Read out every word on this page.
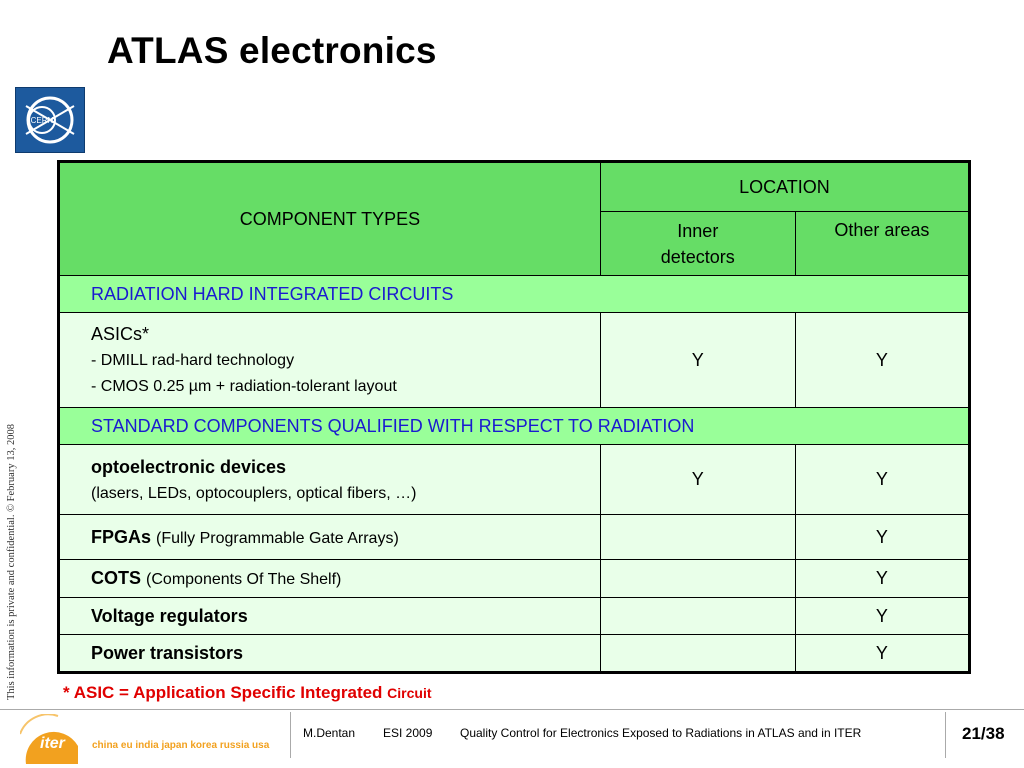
ATLAS electronics
CERN
This information is private and confidential. © February 13, 2008
COMPONENT TYPES	LOCATION	
	Inner detectors	Other areas
RADIATION HARD INTEGRATED CIRCUITS		

ASICs*
- DMILL rad-hard technology
- CMOS 0.25 µm + radiation-tolerant layout	Y	Y
STANDARD COMPONENTS QUALIFIED WITH RESPECT TO RADIATION		

optoelectronic devices
(lasers, LEDs, optocouplers, optical fibers, …)	Y	Y
FPGAs (Fully Programmable Gate Arrays)		Y
COTS (Components Of The Shelf)		Y
Voltage regulators		Y
Power transistors		Y
* ASIC = Application Specific Integrated Circuit
iter	china eu india japan korea russia usa
M.Dentan ESI 2009 Quality Control for Electronics Exposed to Radiations in ATLAS and in ITER	21/38
